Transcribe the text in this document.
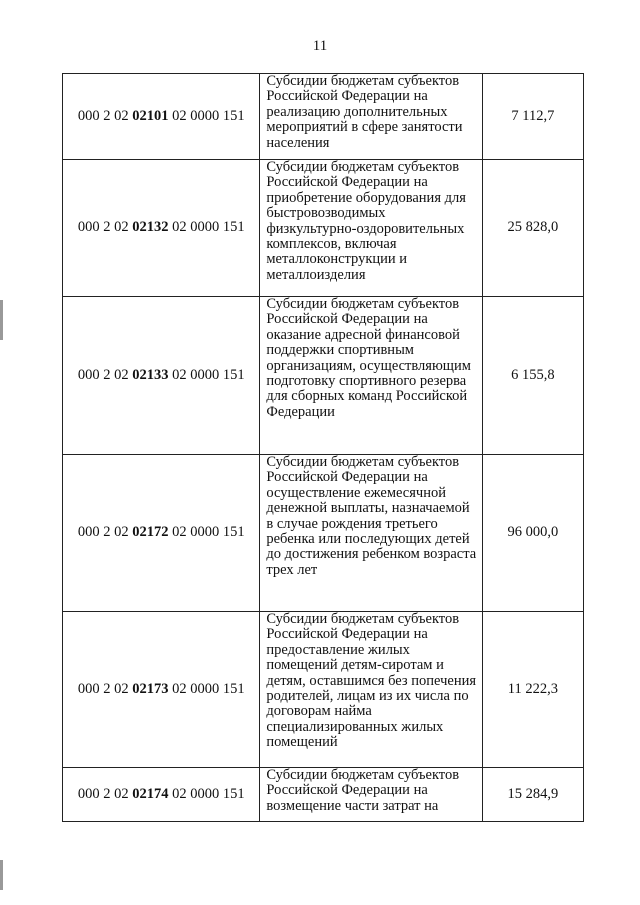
11
000 2 02 02101 02 0000 151	Субсидии бюджетам субъектов Российской Федерации на реализацию дополнительных мероприятий в сфере занятости населения	7 112,7
000 2 02 02132 02 0000 151	Субсидии бюджетам субъектов Российской Федерации на приобретение оборудования для быстровозводимых физкультурно-оздоровительных комплексов, включая металлоконструкции и металлоизделия	25 828,0
000 2 02 02133 02 0000 151	Субсидии бюджетам субъектов Российской Федерации на оказание адресной финансовой поддержки спортивным организациям, осуществляющим подготовку спортивного резерва для сборных команд Российской Федерации	6 155,8
000 2 02 02172 02 0000 151	Субсидии бюджетам субъектов Российской Федерации на осуществление ежемесячной денежной выплаты, назначаемой в случае рождения третьего ребенка или последующих детей до достижения ребенком возраста трех лет	96 000,0
000 2 02 02173 02 0000 151	Субсидии бюджетам субъектов Российской Федерации на предоставление жилых помещений детям-сиротам и детям, оставшимся без попечения родителей, лицам из их числа по договорам найма специализированных жилых помещений	11 222,3
000 2 02 02174 02 0000 151	Субсидии бюджетам субъектов Российской Федерации на возмещение части затрат на	15 284,9
